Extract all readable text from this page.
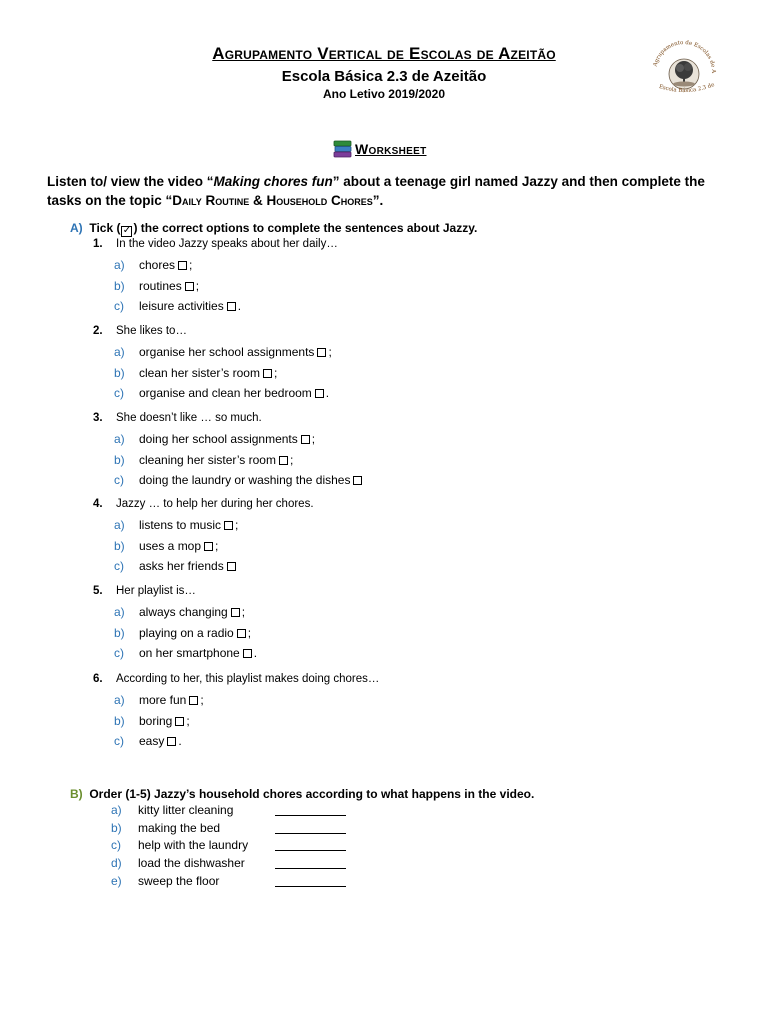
Agrupamento Vertical de Escolas de Azeitão
Escola Básica 2.3 de Azeitão
Ano Letivo 2019/2020
Agrupamento de Escolas de A
Escola Básica 2.3 de
Worksheet
Listen to/ view the video “Making chores fun” about a teenage girl named Jazzy and then complete the tasks on the topic “Daily Routine & Household Chores”.
A) Tick ( ✓ ) the correct options to complete the sentences about Jazzy.
1. In the video Jazzy speaks about her daily…
a) chores ;
b) routines ;
c) leisure activities .
2. She likes to…
a) organise her school assignments ;
b) clean her sister’s room ;
c) organise and clean her bedroom .
3. She doesn’t like … so much.
a) doing her school assignments ;
b) cleaning her sister’s room ;
c) doing the laundry or washing the dishes
4. Jazzy … to help her during her chores.
a) listens to music ;
b) uses a mop ;
c) asks her friends
5. Her playlist is…
a) always changing ;
b) playing on a radio ;
c) on her smartphone .
6. According to her, this playlist makes doing chores…
a) more fun ;
b) boring ;
c) easy .
B) Order (1-5) Jazzy’s household chores according to what happens in the video.
a) kitty litter cleaning
b) making the bed
c) help with the laundry
d) load the dishwasher
e) sweep the floor
